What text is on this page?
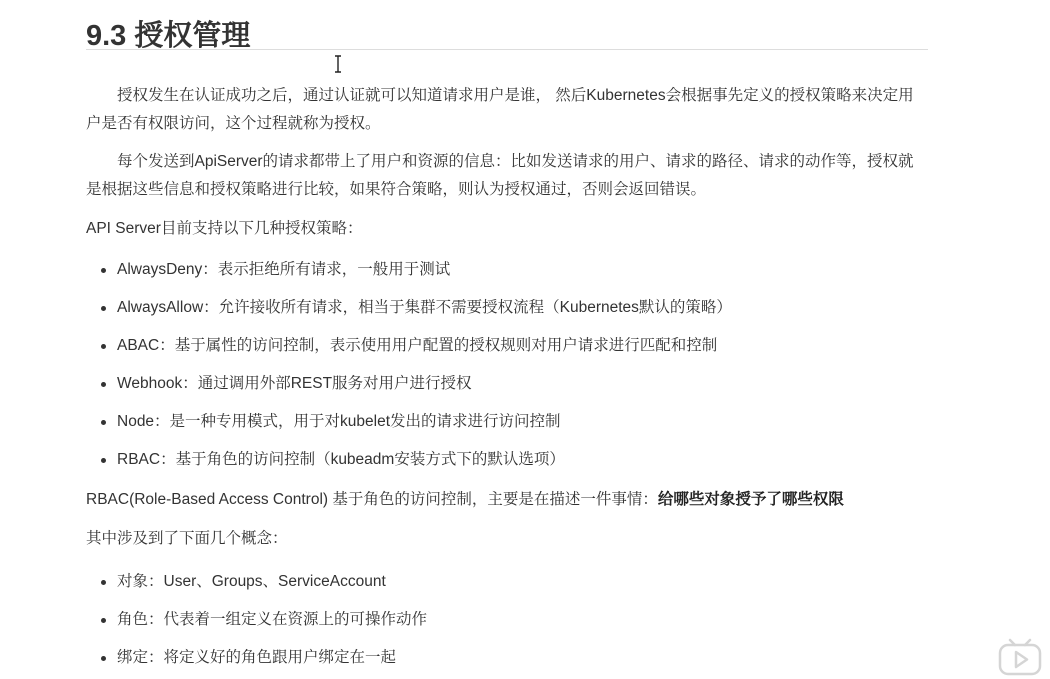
9.3 授权管理

授权发生在认证成功之后，通过认证就可以知道请求用户是谁， 然后Kubernetes会根据事先定义的授权策略来决定用户是否有权限访问，这个过程就称为授权。

每个发送到ApiServer的请求都带上了用户和资源的信息：比如发送请求的用户、请求的路径、请求的动作等，授权就是根据这些信息和授权策略进行比较，如果符合策略，则认为授权通过，否则会返回错误。

API Server目前支持以下几种授权策略：

AlwaysDeny：表示拒绝所有请求，一般用于测试
AlwaysAllow：允许接收所有请求，相当于集群不需要授权流程（Kubernetes默认的策略）
ABAC：基于属性的访问控制，表示使用用户配置的授权规则对用户请求进行匹配和控制
Webhook：通过调用外部REST服务对用户进行授权
Node：是一种专用模式，用于对kubelet发出的请求进行访问控制
RBAC：基于角色的访问控制（kubeadm安装方式下的默认选项）

RBAC(Role-Based Access Control) 基于角色的访问控制，主要是在描述一件事情：给哪些对象授予了哪些权限

其中涉及到了下面几个概念：

对象：User、Groups、ServiceAccount
角色：代表着一组定义在资源上的可操作动作
绑定：将定义好的角色跟用户绑定在一起
